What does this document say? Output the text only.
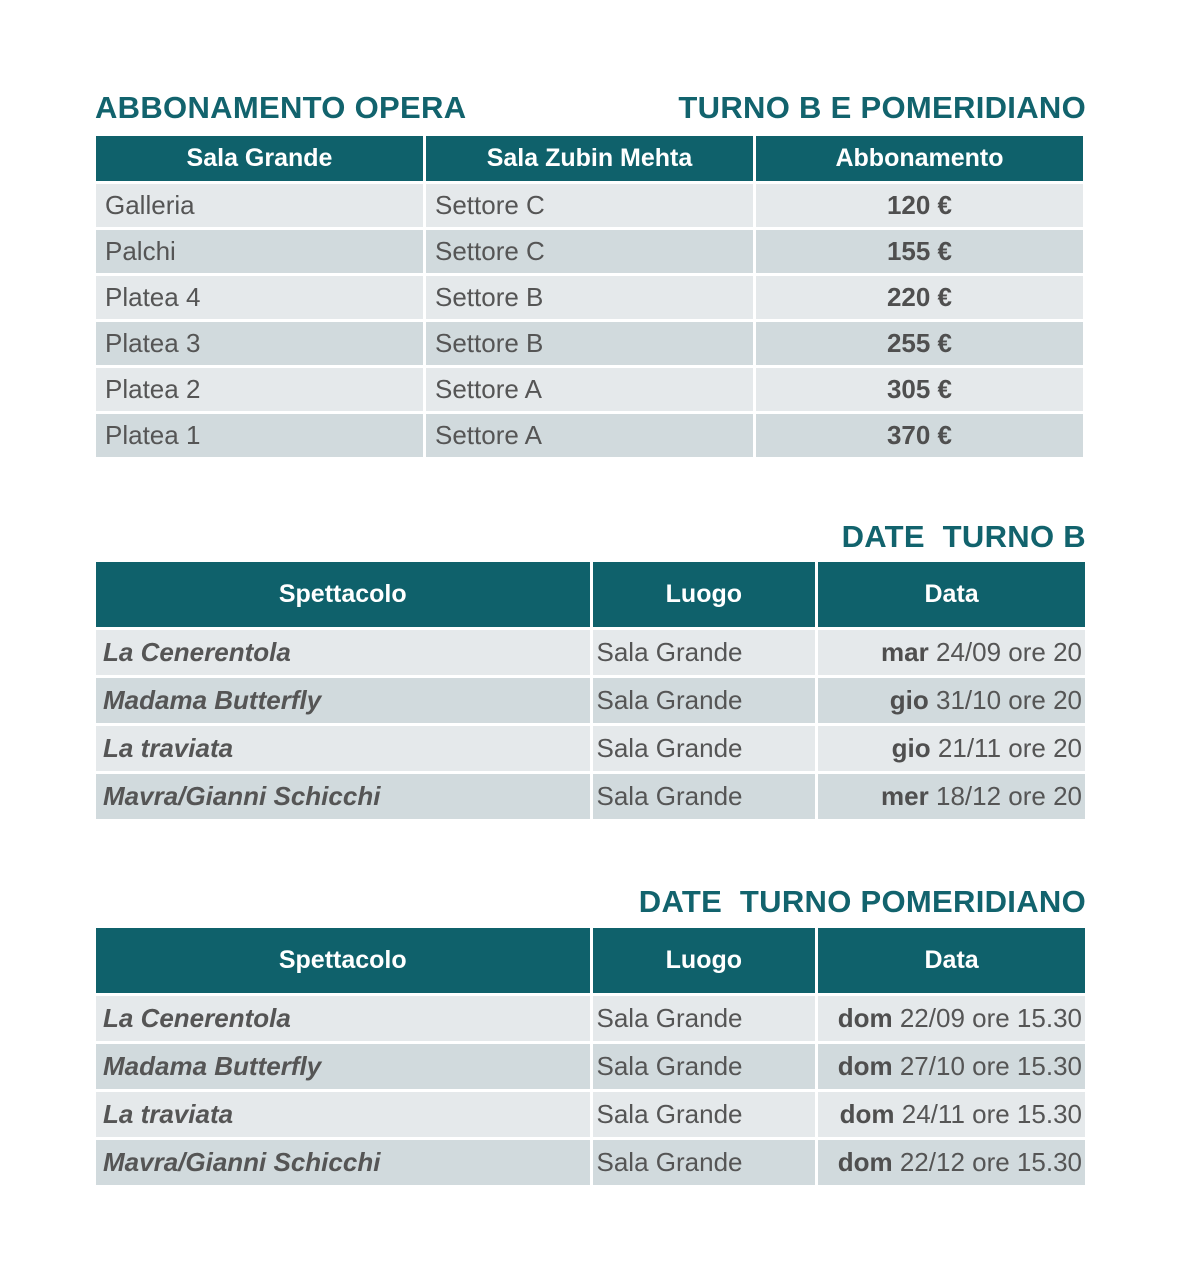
ABBONAMENTO OPERA	TURNO B E POMERIDIANO
Sala Grande	Sala Zubin Mehta	Abbonamento
Galleria	Settore C	120 €
Palchi	Settore C	155 €
Platea 4	Settore B	220 €
Platea 3	Settore B	255 €
Platea 2	Settore A	305 €
Platea 1	Settore A	370 €
DATE  TURNO B
Spettacolo	Luogo	Data
La Cenerentola	Sala Grande	mar 24/09 ore 20
Madama Butterfly	Sala Grande	gio 31/10 ore 20
La traviata	Sala Grande	gio 21/11 ore 20
Mavra/Gianni Schicchi	Sala Grande	mer 18/12 ore 20
DATE  TURNO POMERIDIANO
Spettacolo	Luogo	Data
La Cenerentola	Sala Grande	dom 22/09 ore 15.30
Madama Butterfly	Sala Grande	dom 27/10 ore 15.30
La traviata	Sala Grande	dom 24/11 ore 15.30
Mavra/Gianni Schicchi	Sala Grande	dom 22/12 ore 15.30
